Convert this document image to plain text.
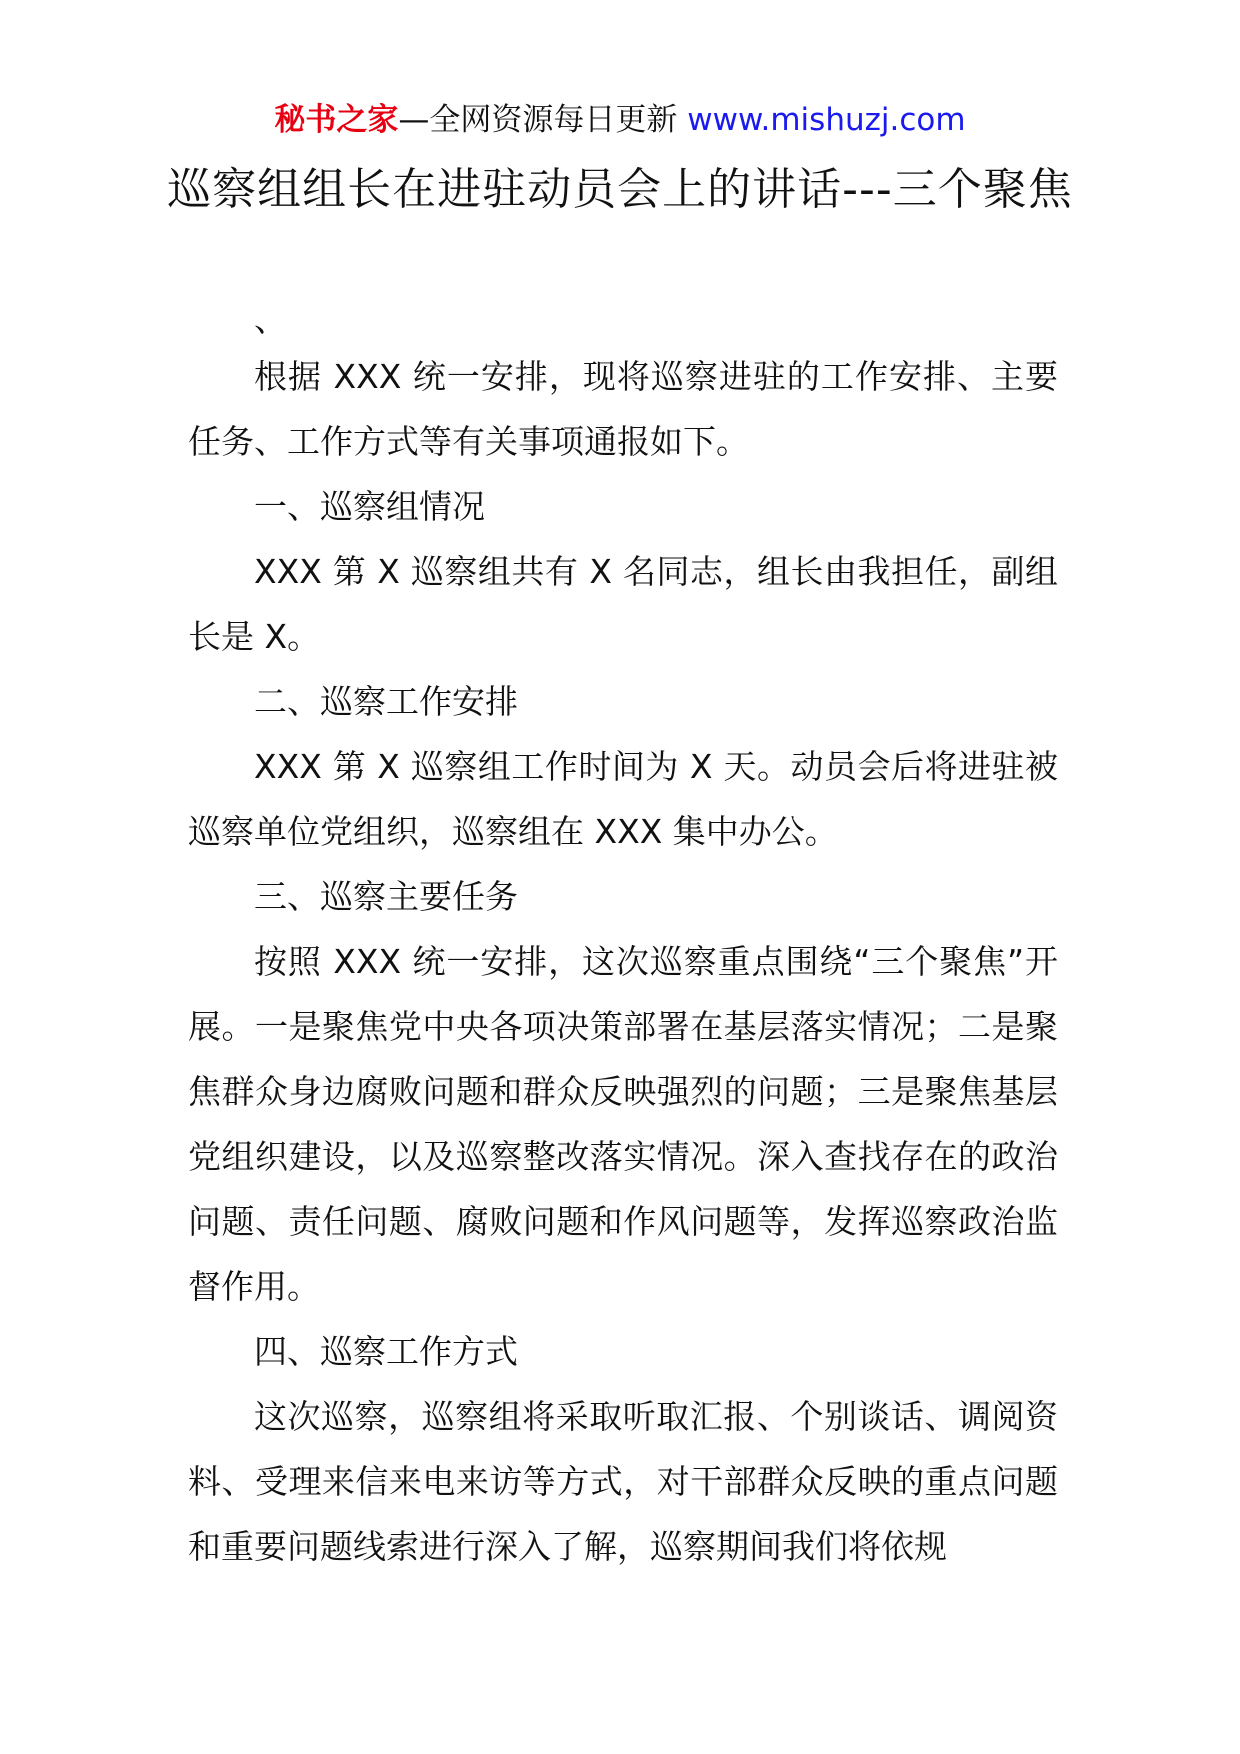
秘书之家—全网资源每日更新 www.mishuzj.com
巡察组组长在进驻动员会上的讲话---三个聚焦

、

根据 XXX 统一安排，现将巡察进驻的工作安排、主要任务、工作方式等有关事项通报如下。

一、巡察组情况

XXX 第 X 巡察组共有 X 名同志，组长由我担任，副组长是 X。

二、巡察工作安排

XXX 第 X 巡察组工作时间为 X 天。动员会后将进驻被巡察单位党组织，巡察组在 XXX 集中办公。

三、巡察主要任务

按照 XXX 统一安排，这次巡察重点围绕“三个聚焦”开展。一是聚焦党中央各项决策部署在基层落实情况；二是聚焦群众身边腐败问题和群众反映强烈的问题；三是聚焦基层党组织建设，以及巡察整改落实情况。深入查找存在的政治问题、责任问题、腐败问题和作风问题等，发挥巡察政治监督作用。

四、巡察工作方式

这次巡察，巡察组将采取听取汇报、个别谈话、调阅资料、受理来信来电来访等方式，对干部群众反映的重点问题和重要问题线索进行深入了解，巡察期间我们将依规
